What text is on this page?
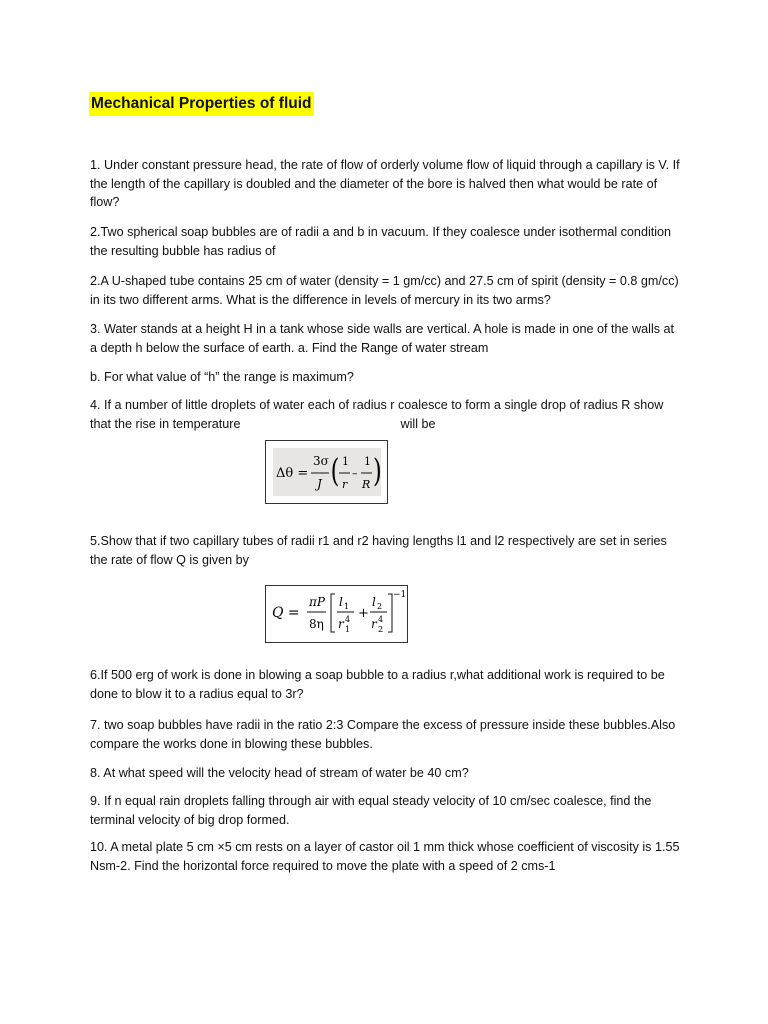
Mechanical Properties of fluid

1. Under constant pressure head, the rate of flow of orderly volume flow of liquid through a capillary is V. If the length of the capillary is doubled and the diameter of the bore is halved then what would be rate of flow?

2.Two spherical soap bubbles are of radii a and b in vacuum. If they coalesce under isothermal condition the resulting bubble has radius of

2.A U-shaped tube contains 25 cm of water (density = 1 gm/cc) and 27.5 cm of spirit (density = 0.8 gm/cc) in its two different arms. What is the difference in levels of mercury in its two arms?

3. Water stands at a height H in a tank whose side walls are vertical. A hole is made in one of the walls at a depth h below the surface of earth. a. Find the Range of water stream

b. For what value of “h” the range is maximum?

4. If a number of little droplets of water each of radius r coalesce to form a single drop of radius R show
that the rise in temperature	will be
Δθ =
3σ
J ( 1
r
–
1
R )

5.Show that if two capillary tubes of radii r1 and r2 having lengths l1 and l2 respectively are set in series the rate of flow Q is given by

Q =
πP
8η
l 1
r 1
4 +
l 2
r 2
4
−1

6.If 500 erg of work is done in blowing a soap bubble to a radius r,what additional work is required to be done to blow it to a radius equal to 3r?

7. two soap bubbles have radii in the ratio 2:3 Compare the excess of pressure inside these bubbles.Also compare the works done in blowing these bubbles.

8. At what speed will the velocity head of stream of water be 40 cm?

9. If n equal rain droplets falling through air with equal steady velocity of 10 cm/sec coalesce, find the terminal velocity of big drop formed.

10. A metal plate 5 cm ×5 cm rests on a layer of castor oil 1 mm thick whose coefficient of viscosity is 1.55 Nsm-2. Find the horizontal force required to move the plate with a speed of 2 cms-1
